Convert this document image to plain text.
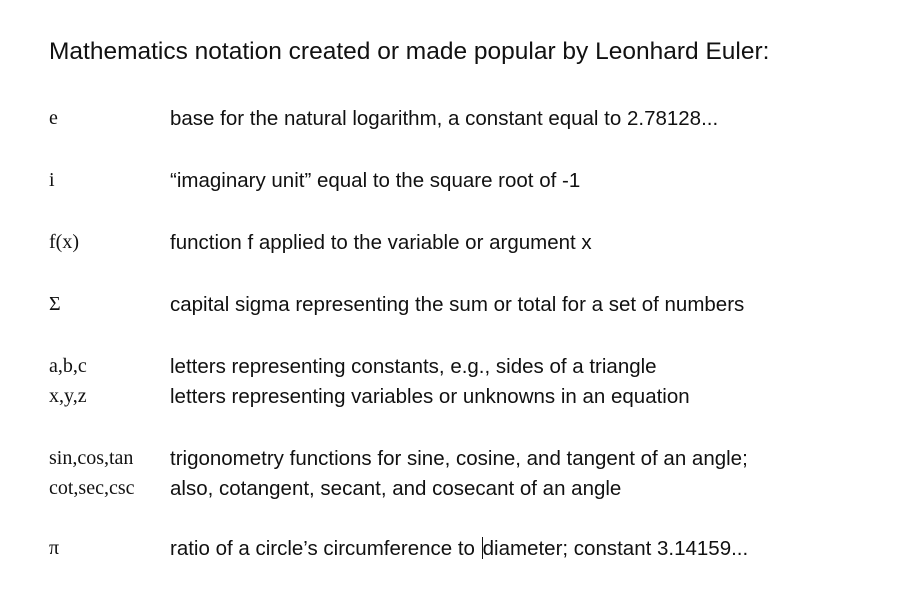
Mathematics notation created or made popular by Leonhard Euler:
e	base for the natural logarithm, a constant equal to 2.78128...
i	“imaginary unit” equal to the square root of -1
f(x)	function f applied to the variable or argument x
Σ	capital sigma representing the sum or total for a set of numbers
a,b,c	letters representing constants, e.g., sides of a triangle
x,y,z	letters representing variables or unknowns in an equation
sin,cos,tan trigonometry functions for sine, cosine, and tangent of an angle;
cot,sec,csc also, cotangent, secant, and cosecant of an angle
π	ratio of a circle’s circumference to diameter; constant 3.14159...
